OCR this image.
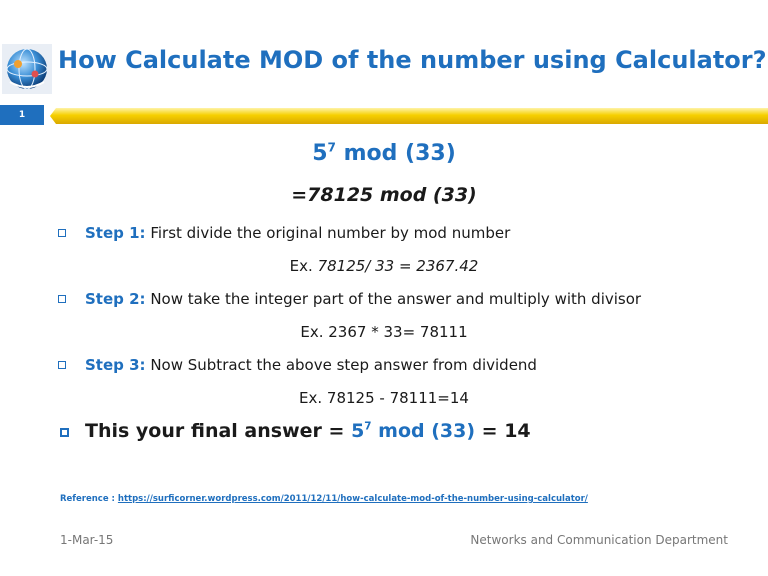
How Calculate MOD of the number using Calculator?
1
$5^7$ mod (33)
=78125 mod (33)
Step 1: First divide the original number by mod number
Ex. 78125/ 33 = 2367.42
Step 2: Now take the integer part of the answer and multiply with divisor
Ex. 2367 * 33= 78111
Step 3: Now Subtract the above step answer from dividend
Ex. 78125 - 78111=14
This your final answer = $5^7$ mod (33) = 14
Reference : https://surficorner.wordpress.com/2011/12/11/how-calculate-mod-of-the-number-using-calculator/
1-Mar-15	Networks and Communication Department
